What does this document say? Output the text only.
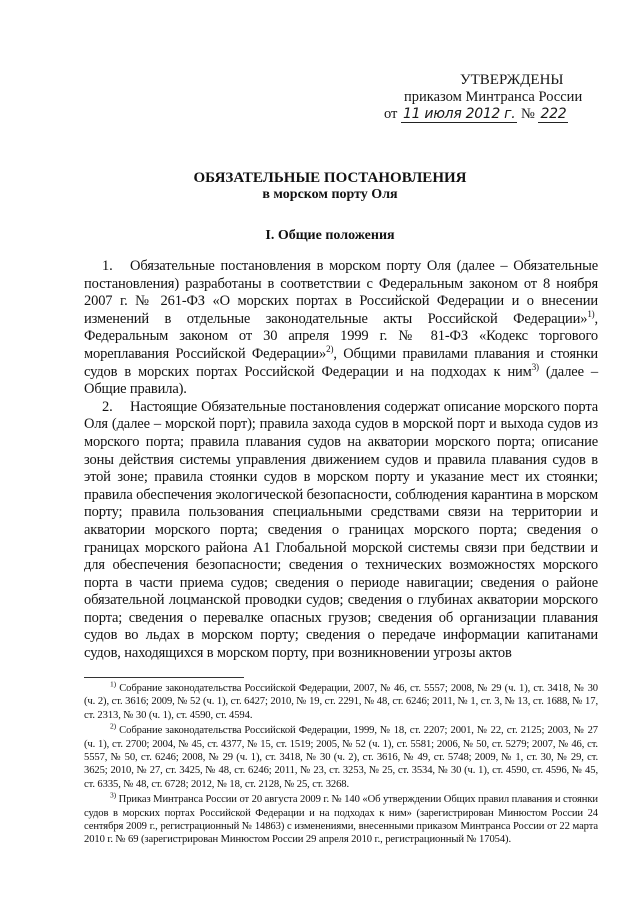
УТВЕРЖДЕНЫ
приказом Минтранса России
от 11 июля 2012 г. № 222
ОБЯЗАТЕЛЬНЫЕ ПОСТАНОВЛЕНИЯ
в морском порту Оля
I. Общие положения

1. Обязательные постановления в морском порту Оля (далее – Обязательные постановления) разработаны в соответствии с Федеральным законом от 8 ноября 2007 г. № 261-ФЗ «О морских портах в Российской Федерации и о внесении изменений в отдельные законодательные акты Российской Федерации»$^{1)}$, Федеральным законом от 30 апреля 1999 г. № 81-ФЗ «Кодекс торгового мореплавания Российской Федерации»$^{2)}$, Общими правилами плавания и стоянки судов в морских портах Российской Федерации и на подходах к ним$^{3)}$ (далее – Общие правила).

2. Настоящие Обязательные постановления содержат описание морского порта Оля (далее – морской порт); правила захода судов в морской порт и выхода судов из морского порта; правила плавания судов на акватории морского порта; описание зоны действия системы управления движением судов и правила плавания судов в этой зоне; правила стоянки судов в морском порту и указание мест их стоянки; правила обеспечения экологической безопасности, соблюдения карантина в морском порту; правила пользования специальными средствами связи на территории и акватории морского порта; сведения о границах морского порта; сведения о границах морского района А1 Глобальной морской системы связи при бедствии и для обеспечения безопасности; сведения о технических возможностях морского порта в части приема судов; сведения о периоде навигации; сведения о районе обязательной лоцманской проводки судов; сведения о глубинах акватории морского порта; сведения о перевалке опасных грузов; сведения об организации плавания судов во льдах в морском порту; сведения о передаче информации капитанами судов, находящихся в морском порту, при возникновении угрозы актов

$^{1)}$ Собрание законодательства Российской Федерации, 2007, № 46, ст. 5557; 2008, № 29 (ч. 1), ст. 3418, № 30 (ч. 2), ст. 3616; 2009, № 52 (ч. 1), ст. 6427; 2010, № 19, ст. 2291, № 48, ст. 6246; 2011, № 1, ст. 3, № 13, ст. 1688, № 17, ст. 2313, № 30 (ч. 1), ст. 4590, ст. 4594.

$^{2)}$ Собрание законодательства Российской Федерации, 1999, № 18, ст. 2207; 2001, № 22, ст. 2125; 2003, № 27 (ч. 1), ст. 2700; 2004, № 45, ст. 4377, № 15, ст. 1519; 2005, № 52 (ч. 1), ст. 5581; 2006, № 50, ст. 5279; 2007, № 46, ст. 5557, № 50, ст. 6246; 2008, № 29 (ч. 1), ст. 3418, № 30 (ч. 2), ст. 3616, № 49, ст. 5748; 2009, № 1, ст. 30, № 29, ст. 3625; 2010, № 27, ст. 3425, № 48, ст. 6246; 2011, № 23, ст. 3253, № 25, ст. 3534, № 30 (ч. 1), ст. 4590, ст. 4596, № 45, ст. 6335, № 48, ст. 6728; 2012, № 18, ст. 2128, № 25, ст. 3268.

$^{3)}$ Приказ Минтранса России от 20 августа 2009 г. № 140 «Об утверждении Общих правил плавания и стоянки судов в морских портах Российской Федерации и на подходах к ним» (зарегистрирован Минюстом России 24 сентября 2009 г., регистрационный № 14863) с изменениями, внесенными приказом Минтранса России от 22 марта 2010 г. № 69 (зарегистрирован Минюстом России 29 апреля 2010 г., регистрационный № 17054).
